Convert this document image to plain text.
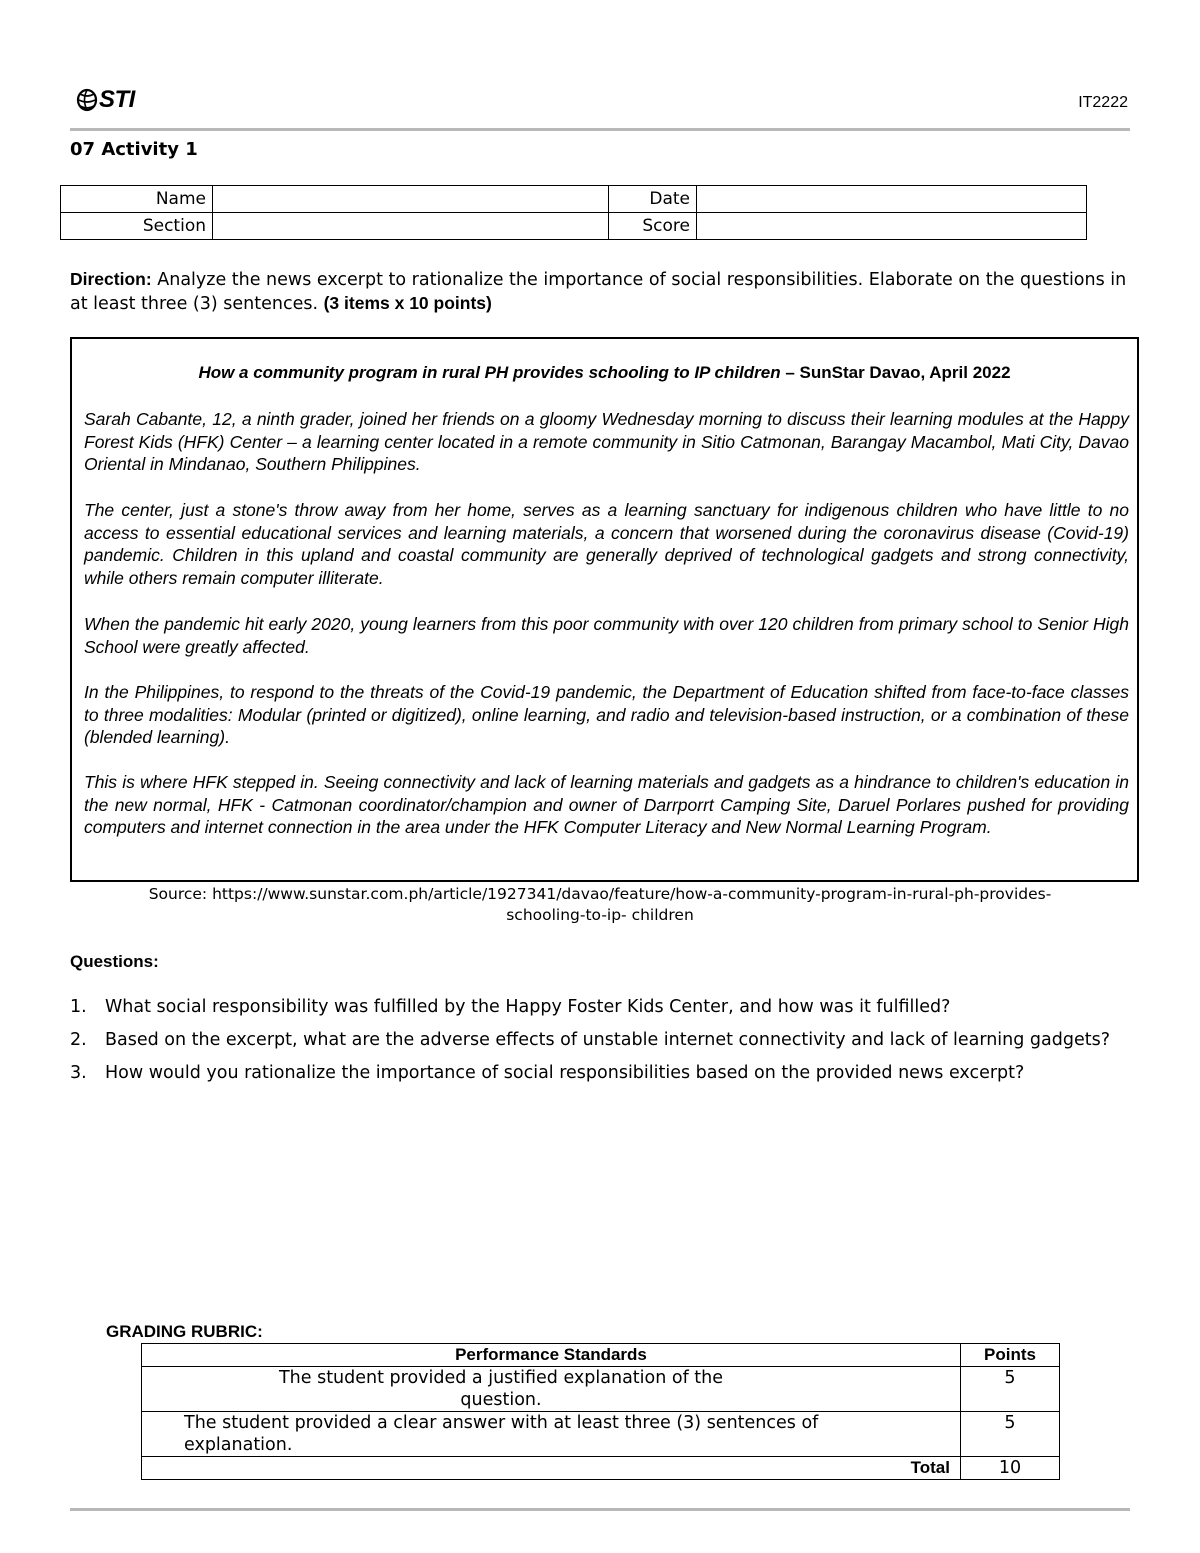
STI	IT2222
07 Activity 1
Name		Date	
Section		Score	
Direction: Analyze the news excerpt to rationalize the importance of social responsibilities. Elaborate on the questions in at least three (3) sentences. (3 items x 10 points)
How a community program in rural PH provides schooling to IP children – SunStar Davao, April 2022
Sarah Cabante, 12, a ninth grader, joined her friends on a gloomy Wednesday morning to discuss their learning modules at the Happy Forest Kids (HFK) Center – a learning center located in a remote community in Sitio Catmonan, Barangay Macambol, Mati City, Davao Oriental in Mindanao, Southern Philippines.
The center, just a stone's throw away from her home, serves as a learning sanctuary for indigenous children who have little to no access to essential educational services and learning materials, a concern that worsened during the coronavirus disease (Covid-19) pandemic. Children in this upland and coastal community are generally deprived of technological gadgets and strong connectivity, while others remain computer illiterate.
When the pandemic hit early 2020, young learners from this poor community with over 120 children from primary school to Senior High School were greatly affected.
In the Philippines, to respond to the threats of the Covid-19 pandemic, the Department of Education shifted from face-to-face classes to three modalities: Modular (printed or digitized), online learning, and radio and television-based instruction, or a combination of these (blended learning).
This is where HFK stepped in. Seeing connectivity and lack of learning materials and gadgets as a hindrance to children's education in the new normal, HFK - Catmonan coordinator/champion and owner of Darrporrt Camping Site, Daruel Porlares pushed for providing computers and internet connection in the area under the HFK Computer Literacy and New Normal Learning Program.
Source: https://www.sunstar.com.ph/article/1927341/davao/feature/how-a-community-program-in-rural-ph-provides-
schooling-to-ip- children
Questions:
1.	What social responsibility was fulfilled by the Happy Foster Kids Center, and how was it fulfilled?
2.	Based on the excerpt, what are the adverse effects of unstable internet connectivity and lack of learning gadgets?
3.	How would you rationalize the importance of social responsibilities based on the provided news excerpt?
GRADING RUBRIC:
Performance Standards	Points
The student provided a justified explanation of the
question.	5
The student provided a clear answer with at least three (3) sentences of
explanation.	5
Total	10
